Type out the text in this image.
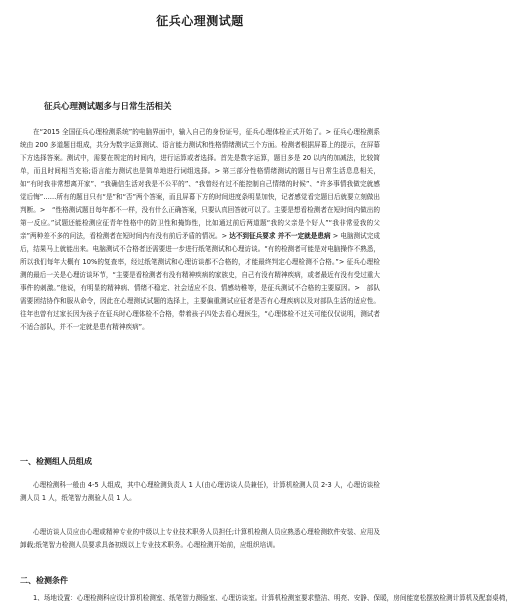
征兵心理测试题
征兵心理测试题多与日常生活相关
在“2015 全国征兵心理检测系统”的电脑界面中，输入自己的身份证号，征兵心理体检正式开始了。> 征兵心理检测系统由 200 多道题目组成，共分为数字运算测试、语言能力测试和性格情绪测试三个方面。检测者根据屏幕上的提示，在屏幕下方选择答案。测试中，需要在规定的时间内，进行运算或者选择。首先是数字运算，题目多是 20 以内的加减法，比较简单，而且时间相当充裕;语言能力测试也是简单地进行词组选择。> 第三部分性格情绪测试的题目与日常生活息息相关，如“有时我非常想离开家”、“我确信生活对我是不公平的”、“我曾经有过不能控制自己情绪的时候”、“许多事情我做完就感觉后悔”……所有的题目只有“是”和“否”两个答案，而且屏幕下方的时间进度条明显加快，记者感觉看完题目后就要立刻做出判断。>　“性格测试题目每年都不一样，没有什么正确答案，只要认真回答就可以了。主要是想看检测者在短时间内做出的第一反应。”试题还能检测应征青年性格中的防卫性和掩饰性，比如通过前后两道题“我的父亲是个好人”“我非常爱我的父亲”两种差不多的问法，看检测者在短时间内有没有前后矛盾的情况。> 达不到征兵要求 并不一定就是患病 > 电脑测试完成后，结果马上就能出来。电脑测试不合格者还需要进一步进行纸笔测试和心理访谈。“有的检测者可能是对电脑操作不熟悉，所以我们每年大概有 10%的复查率，经过纸笔测试和心理访谈都不合格的，才能最终判定心理检测不合格。”> 征兵心理检测的最后一关是心理访谈环节，“主要是看检测者有没有精神疾病的家族史，自己有没有精神疾病，或者最近有没有受过重大事件的刺激。”他说，有明显的精神病、情绪不稳定、社会适应不良、情感幼稚等，是征兵测试不合格的主要原因。>　部队需要团结协作和服从命令，因此在心理测试试题的选择上，主要偏重测试应征者是否有心理疾病以及对部队生活的适应性。往年也曾有过家长因为孩子在征兵时心理体检不合格，带着孩子四处去看心理医生，“心理体检不过关可能仅仅说明，测试者不适合部队，并不一定就是患有精神疾病”。
一、检测组人员组成
心理检测科一般由 4-5 人组成，其中心理检测负责人 1 人(由心理访谈人员兼任)，计算机检测人员 2-3 人，心理访谈检测人员 1 人，纸笔智力测验人员 1 人。
心理访谈人员应由心理或精神专业的中级以上专业技术职务人员担任;计算机检测人员应熟悉心理检测软件安装、应用及卸载;纸笔智力检测人员要求具备初级以上专业技术职务。心理检测开始前，应组织培训。
二、检测条件
1、场地设置：心理检测科应设计算机检测室、纸笔智力测验室、心理访谈室。计算机检测室要求整洁、明亮、安静、保暖，房间能宽松摆放检测计算机及配套桌椅，
